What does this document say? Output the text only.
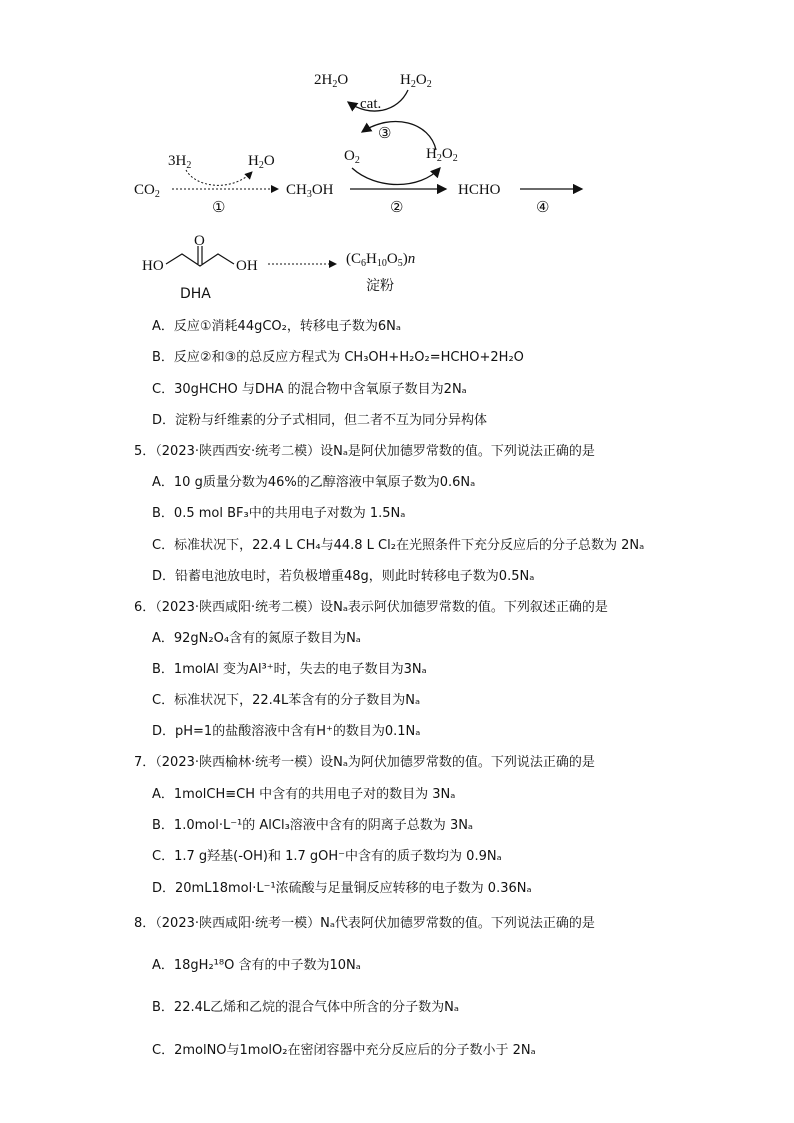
$2H_2O$	$H_2O_2$
cat.
③
$O_2$	$H_2O_2$
$3H_2$	$H_2O$
$CO_2$
①
$CH_3OH$
②
HCHO
④
HO
O
OH
DHA
$(C_6H_{10}O_5)n$
淀粉
A．反应①消耗44gCO₂，转移电子数为6Nₐ
B．反应②和③的总反应方程式为 CH₃OH+H₂O₂=HCHO+2H₂O
C．30gHCHO 与DHA 的混合物中含氧原子数目为2Nₐ
D．淀粉与纤维素的分子式相同，但二者不互为同分异构体
5．（2023·陕西西安·统考二模）设Nₐ是阿伏加德罗常数的值。下列说法正确的是
A．10 g质量分数为46%的乙醇溶液中氧原子数为0.6Nₐ
B．0.5 mol BF₃中的共用电子对数为 1.5Nₐ
C．标准状况下，22.4 L CH₄与44.8 L Cl₂在光照条件下充分反应后的分子总数为 2Nₐ
D．铅蓄电池放电时，若负极增重48g，则此时转移电子数为0.5Nₐ
6．（2023·陕西咸阳·统考二模）设Nₐ表示阿伏加德罗常数的值。下列叙述正确的是
A．92gN₂O₄含有的氮原子数目为Nₐ
B．1molAl 变为Al³⁺时，失去的电子数目为3Nₐ
C．标准状况下，22.4L苯含有的分子数目为Nₐ
D．pH=1的盐酸溶液中含有H⁺的数目为0.1Nₐ
7．（2023·陕西榆林·统考一模）设Nₐ为阿伏加德罗常数的值。下列说法正确的是
A．1molCH≡CH 中含有的共用电子对的数目为 3Nₐ
B．1.0mol·L⁻¹的 AlCl₃溶液中含有的阴离子总数为 3Nₐ
C．1.7 g羟基(-OH)和 1.7 gOH⁻中含有的质子数均为 0.9Nₐ
D．20mL18mol·L⁻¹浓硫酸与足量铜反应转移的电子数为 0.36Nₐ
8．（2023·陕西咸阳·统考一模）Nₐ代表阿伏加德罗常数的值。下列说法正确的是
A．18gH₂¹⁸O 含有的中子数为10Nₐ
B．22.4L乙烯和乙烷的混合气体中所含的分子数为Nₐ
C．2molNO与1molO₂在密闭容器中充分反应后的分子数小于 2Nₐ
